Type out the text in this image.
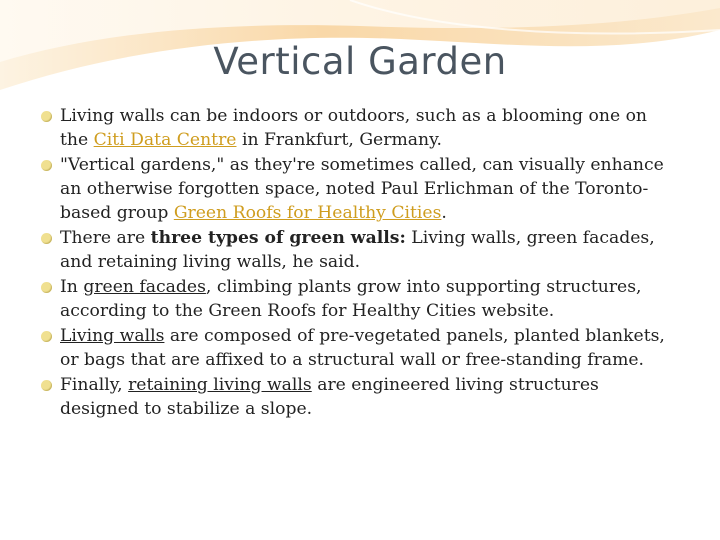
Vertical Garden
Living walls can be indoors or outdoors, such as a blooming one on the Citi Data Centre in Frankfurt, Germany.
"Vertical gardens," as they're sometimes called, can visually enhance an otherwise forgotten space, noted Paul Erlichman of the Toronto-based group Green Roofs for Healthy Cities.
There are three types of green walls: Living walls, green facades, and retaining living walls, he said.
In green facades, climbing plants grow into supporting structures, according to the Green Roofs for Healthy Cities website.
Living walls are composed of pre-vegetated panels, planted blankets, or bags that are affixed to a structural wall or free-standing frame.
Finally, retaining living walls are engineered living structures designed to stabilize a slope.
